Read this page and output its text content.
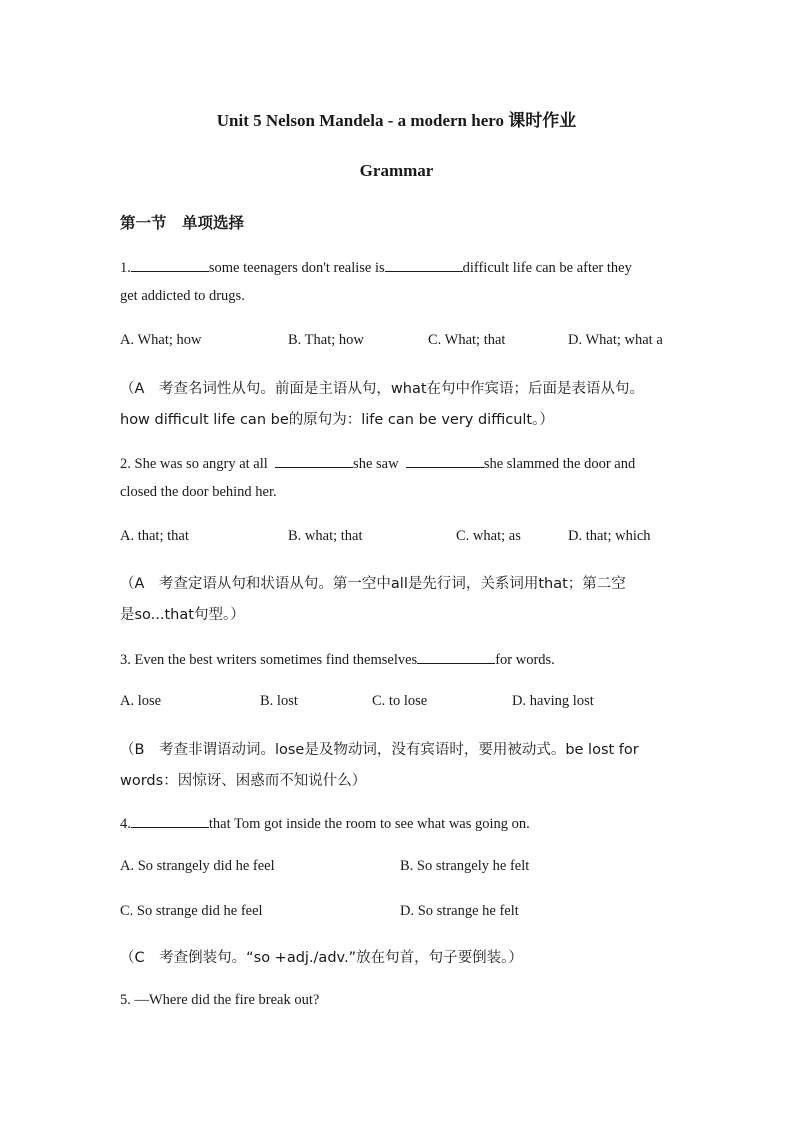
Unit 5 Nelson Mandela - a modern hero 课时作业
Grammar
第一节　单项选择
1.	some teenagers don't realise is	difficult life can be after they
get addicted to drugs.
A. What; how	B. That; how	C. What; that	D. What; what a
（A　考查名词性从句。前面是主语从句，what在句中作宾语；后面是表语从句。
how difficult life can be的原句为：life can be very difficult。）
2. She was so angry at all	she saw	she slammed the door and
closed the door behind her.
A. that; that	B. what; that	C. what; as	D. that; which
（A　考查定语从句和状语从句。第一空中all是先行词，关系词用that；第二空
是so...that句型。）
3. Even the best writers sometimes find themselves	for words.
A. lose	B. lost	C. to lose	D. having lost
（B　考查非谓语动词。lose是及物动词，没有宾语时，要用被动式。be lost for
words：因惊讶、困惑而不知说什么）
4.	that Tom got inside the room to see what was going on.
A. So strangely did he feel	B. So strangely he felt
C. So strange did he feel	D. So strange he felt
（C　考查倒装句。“so +adj./adv.”放在句首，句子要倒装。）
5. —Where did the fire break out?
